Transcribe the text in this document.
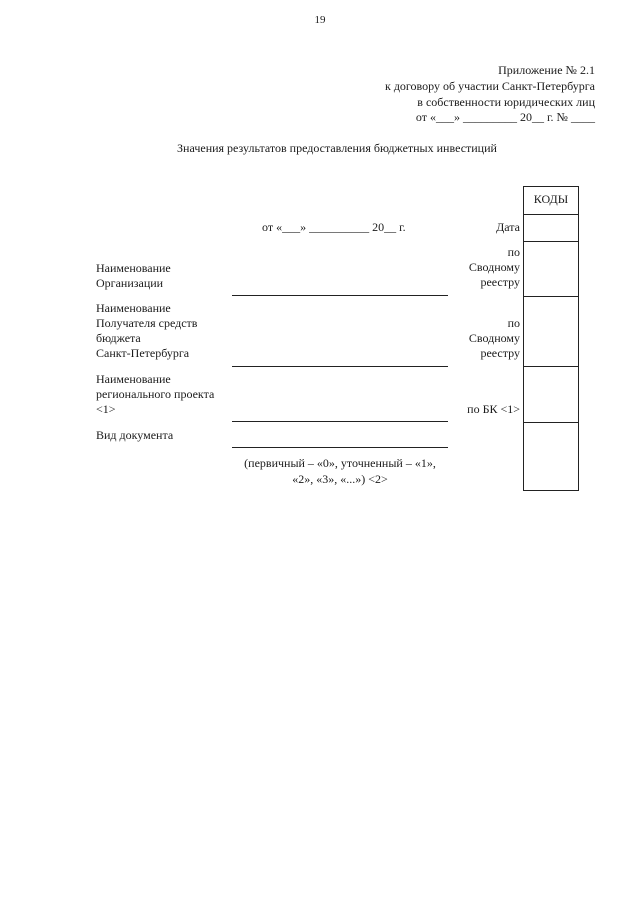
19
Приложение № 2.1
к договору об участии Санкт-Петербурга
в собственности юридических лиц
от «___» _________ 20__ г. № ____
Значения результатов предоставления бюджетных инвестиций
КОДЫ
от «___» __________ 20__ г.	Дата
Наименование
Организации
по
Сводному
реестру
Наименование
Получателя средств
бюджета
Санкт-Петербурга
по
Сводному
реестру
Наименование
регионального проекта
<1>	по БК <1>
Вид документа
(первичный – «0», уточненный – «1»,
«2», «3», «...») <2>
